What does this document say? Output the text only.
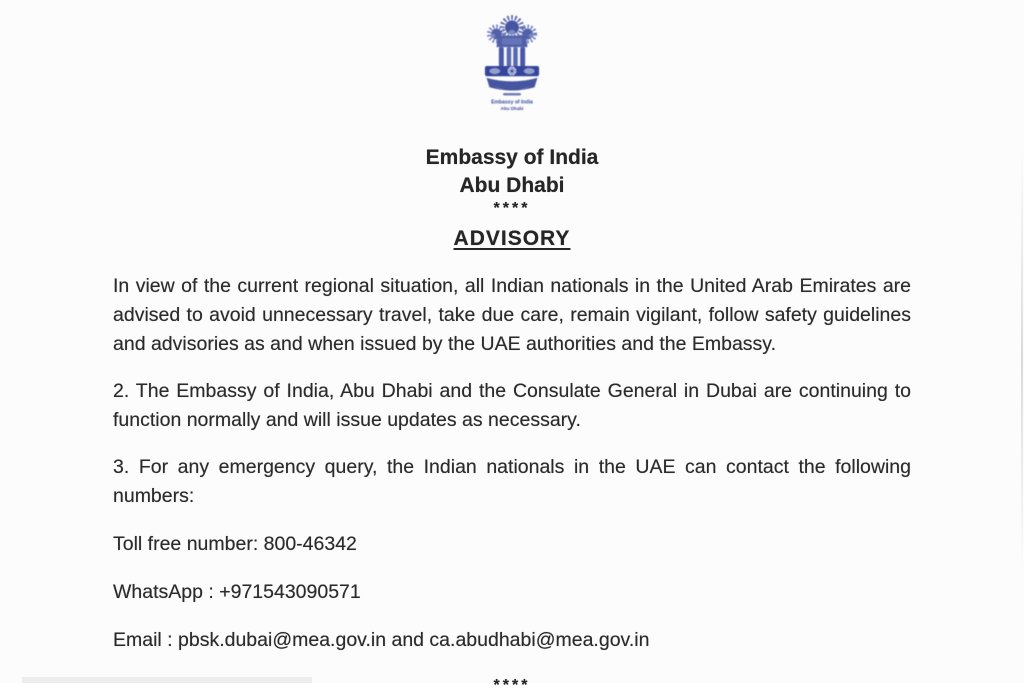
Embassy of India
Abu Dhabi
Embassy of India
Abu Dhabi
****
ADVISORY

In view of the current regional situation, all Indian nationals in the United Arab Emirates are advised to avoid unnecessary travel, take due care, remain vigilant, follow safety guidelines and advisories as and when issued by the UAE authorities and the Embassy.

2. The Embassy of India, Abu Dhabi and the Consulate General in Dubai are continuing to function normally and will issue updates as necessary.

3. For any emergency query, the Indian nationals in the UAE can contact the following numbers:

Toll free number: 800-46342

WhatsApp : +971543090571

Email : pbsk.dubai@mea.gov.in and ca.abudhabi@mea.gov.in

****
